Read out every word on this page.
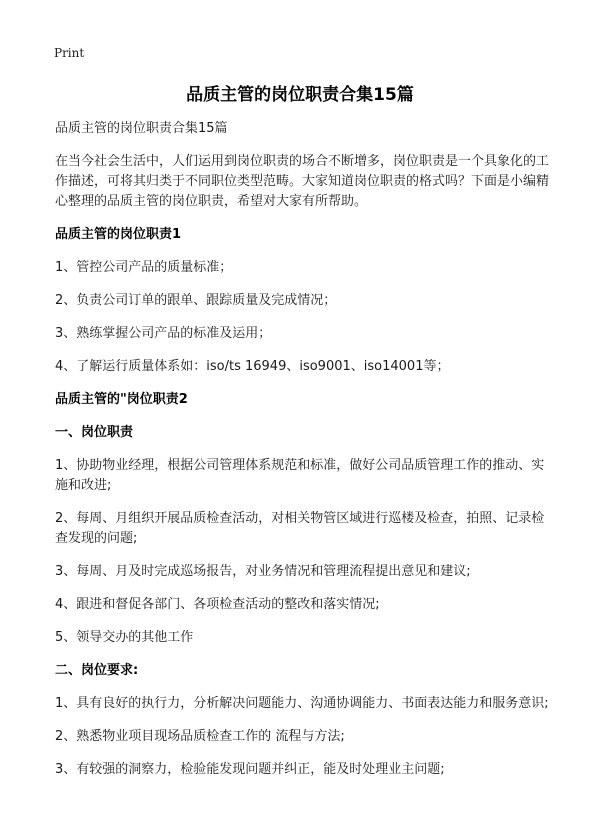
Print
品质主管的岗位职责合集15篇

品质主管的岗位职责合集15篇

在当今社会生活中，人们运用到岗位职责的场合不断增多，岗位职责是一个具象化的工作描述，可将其归类于不同职位类型范畴。大家知道岗位职责的格式吗？下面是小编精心整理的品质主管的岗位职责，希望对大家有所帮助。

品质主管的岗位职责1

1、管控公司产品的质量标准；

2、负责公司订单的跟单、跟踪质量及完成情况；

3、熟练掌握公司产品的标准及运用；

4、了解运行质量体系如：iso/ts 16949、iso9001、iso14001等；

品质主管的"岗位职责2

一、岗位职责

1、协助物业经理，根据公司管理体系规范和标准，做好公司品质管理工作的推动、实施和改进;

2、每周、月组织开展品质检查活动，对相关物管区域进行巡楼及检查，拍照、记录检查发现的问题;

3、每周、月及时完成巡场报告，对业务情况和管理流程提出意见和建议;

4、跟进和督促各部门、各项检查活动的整改和落实情况;

5、领导交办的其他工作

二、岗位要求:

1、具有良好的执行力，分析解决问题能力、沟通协调能力、书面表达能力和服务意识;

2、熟悉物业项目现场品质检查工作的 流程与方法;

3、有较强的洞察力，检验能发现问题并纠正，能及时处理业主问题;
